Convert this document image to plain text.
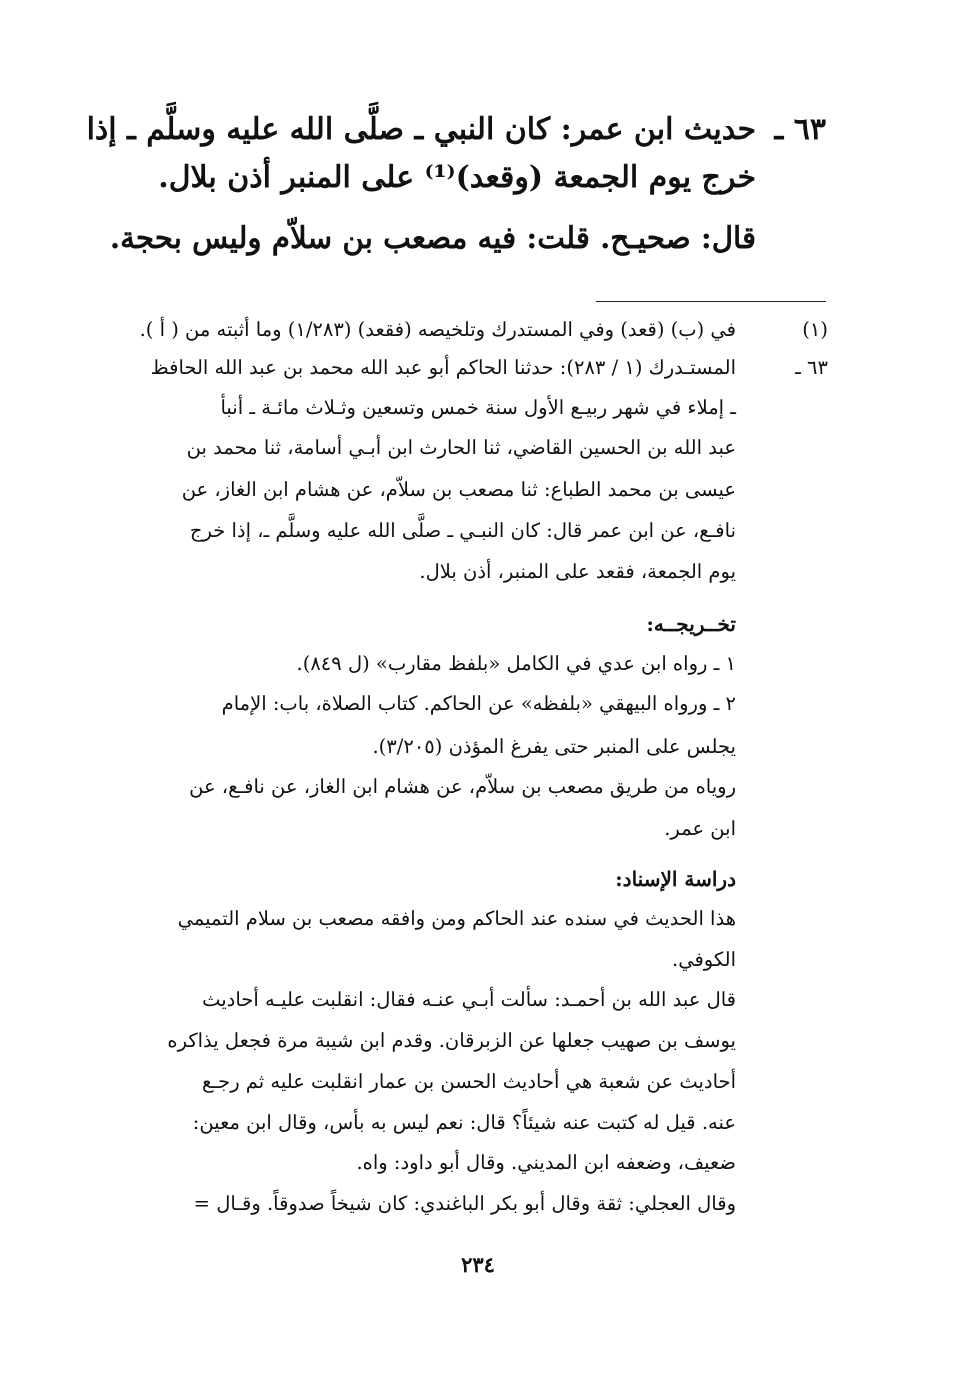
٦٣ ـ
حديث ابن عمر: كان النبي ـ صلَّى الله عليه وسلَّم ـ إذا
خرج يوم الجمعة (وقعد)⁽¹⁾ على المنبر أذن بلال.
قال: صحيـح. قلت: فيه مصعب بن سلاّم وليس بحجة.
(١)
في (ب) (قعد) وفي المستدرك وتلخيصه (فقعد) (١/٢٨٣) وما أثبته من ( أ ).
٦٣ ـ
المستـدرك (١ / ٢٨٣): حدثنا الحاكم أبو عبد الله محمد بن عبد الله الحافظ
ـ إملاء في شهر ربيـع الأول سنة خمس وتسعين وثـلاث مائـة ـ أنبأ
عبد الله بن الحسين القاضي، ثنا الحارث ابن أبـي أسامة، ثنا محمد بن
عيسى بن محمد الطباع: ثنا مصعب بن سلاّم، عن هشام ابن الغاز، عن
نافـع، عن ابن عمر قال: كان النبـي ـ صلَّى الله عليه وسلَّم ـ، إذا خرج
يوم الجمعة، فقعد على المنبر، أذن بلال.
تخــريجــه:
١ ـ رواه ابن عدي في الكامل «بلفظ مقارب» (ل ٨٤٩).
٢ ـ ورواه البيهقي «بلفظه» عن الحاكم. كتاب الصلاة، باب: الإمام
يجلس على المنبر حتى يفرغ المؤذن (٣/٢٠٥).
روياه من طريق مصعب بن سلاّم، عن هشام ابن الغاز، عن نافـع، عن
ابن عمر.
دراسة الإسناد:
هذا الحديث في سنده عند الحاكم ومن وافقه مصعب بن سلام التميمي
الكوفي.
قال عبد الله بن أحمـد: سألت أبـي عنـه فقال: انقلبت عليـه أحاديث
يوسف بن صهيب جعلها عن الزبرقان. وقدم ابن شيبة مرة فجعل يذاكره
أحاديث عن شعبة هي أحاديث الحسن بن عمار انقلبت عليه ثم رجـع
عنه. قيل له كتبت عنه شيئاً؟ قال: نعم ليس به بأس، وقال ابن معين:
ضعيف، وضعفه ابن المديني. وقال أبو داود: واه.
وقال العجلي: ثقة وقال أبو بكر الباغندي: كان شيخاً صدوقاً. وقـال =
٢٣٤
